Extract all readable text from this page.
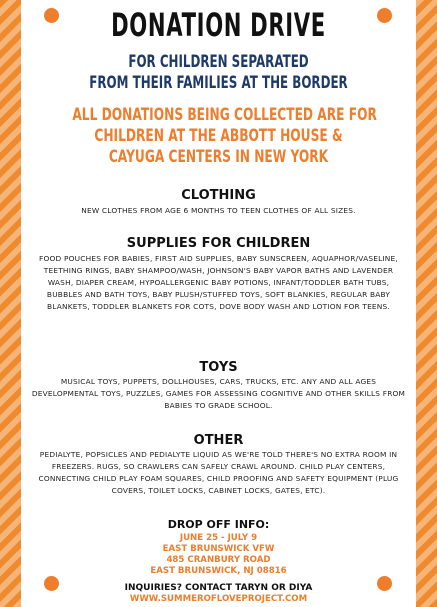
DONATION DRIVE

FOR CHILDREN SEPARATED

FROM THEIR FAMILIES AT THE BORDER

ALL DONATIONS BEING COLLECTED ARE FOR

CHILDREN AT THE ABBOTT HOUSE &

CAYUGA CENTERS IN NEW YORK

CLOTHING

NEW CLOTHES FROM AGE 6 MONTHS TO TEEN CLOTHES OF ALL SIZES.

SUPPLIES FOR CHILDREN

FOOD POUCHES FOR BABIES, FIRST AID SUPPLIES, BABY SUNSCREEN, AQUAPHOR/VASELINE, TEETHING RINGS, BABY SHAMPOO/WASH, JOHNSON'S BABY VAPOR BATHS AND LAVENDER WASH, DIAPER CREAM, HYPOALLERGENIC BABY POTIONS, INFANT/TODDLER BATH TUBS, BUBBLES AND BATH TOYS, BABY PLUSH/STUFFED TOYS, SOFT BLANKIES, REGULAR BABY BLANKETS, TODDLER BLANKETS FOR COTS, DOVE BODY WASH AND LOTION FOR TEENS.

TOYS

MUSICAL TOYS, PUPPETS, DOLLHOUSES, CARS, TRUCKS, ETC. ANY AND ALL AGES DEVELOPMENTAL TOYS, PUZZLES, GAMES FOR ASSESSING COGNITIVE AND OTHER SKILLS FROM BABIES TO GRADE SCHOOL.

OTHER

PEDIALYTE, POPSICLES AND PEDIALYTE LIQUID AS WE'RE TOLD THERE'S NO EXTRA ROOM IN FREEZERS. RUGS, SO CRAWLERS CAN SAFELY CRAWL AROUND. CHILD PLAY CENTERS, CONNECTING CHILD PLAY FOAM SQUARES, CHILD PROOFING AND SAFETY EQUIPMENT (PLUG COVERS, TOILET LOCKS, CABINET LOCKS, GATES, ETC).

DROP OFF INFO:

JUNE 25 - JULY 9

EAST BRUNSWICK VFW

485 CRANBURY ROAD

EAST BRUNSWICK, NJ 08816

INQUIRIES? CONTACT TARYN OR DIYA

WWW.SUMMEROFLOVEPROJECT.COM
